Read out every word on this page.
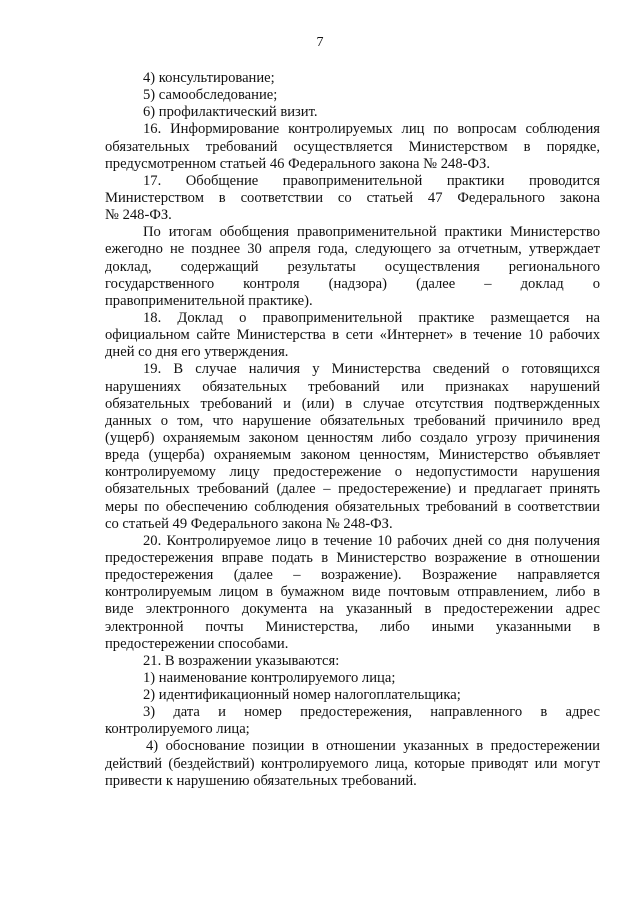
7
4) консультирование;
5) самообследование;
6) профилактический визит.
16. Информирование контролируемых лиц по вопросам соблюдения
обязательных требований осуществляется Министерством в порядке,
предусмотренном статьей 46 Федерального закона № 248-ФЗ.
17. Обобщение правоприменительной практики проводится
Министерством в соответствии со статьей 47 Федерального закона
№ 248-ФЗ.
По итогам обобщения правоприменительной практики Министерство
ежегодно не позднее 30 апреля года, следующего за отчетным, утверждает
доклад, содержащий результаты осуществления регионального
государственного контроля (надзора) (далее – доклад о
правоприменительной практике).
18. Доклад о правоприменительной практике размещается на
официальном сайте Министерства в сети «Интернет» в течение 10 рабочих
дней со дня его утверждения.
19. В случае наличия у Министерства сведений о готовящихся
нарушениях обязательных требований или признаках нарушений
обязательных требований и (или) в случае отсутствия подтвержденных
данных о том, что нарушение обязательных требований причинило вред
(ущерб) охраняемым законом ценностям либо создало угрозу причинения
вреда (ущерба) охраняемым законом ценностям, Министерство объявляет
контролируемому лицу предостережение о недопустимости нарушения
обязательных требований (далее – предостережение) и предлагает принять
меры по обеспечению соблюдения обязательных требований в соответствии
со статьей 49 Федерального закона № 248-ФЗ.
20. Контролируемое лицо в течение 10 рабочих дней со дня получения
предостережения вправе подать в Министерство возражение в отношении
предостережения (далее – возражение). Возражение направляется
контролируемым лицом в бумажном виде почтовым отправлением, либо в
виде электронного документа на указанный в предостережении адрес
электронной почты Министерства, либо иными указанными в
предостережении способами.
21. В возражении указываются:
1) наименование контролируемого лица;
2) идентификационный номер налогоплательщика;
3) дата и номер предостережения, направленного в адрес
контролируемого лица;
4) обоснование позиции в отношении указанных в предостережении
действий (бездействий) контролируемого лица, которые приводят или могут
привести к нарушению обязательных требований.
